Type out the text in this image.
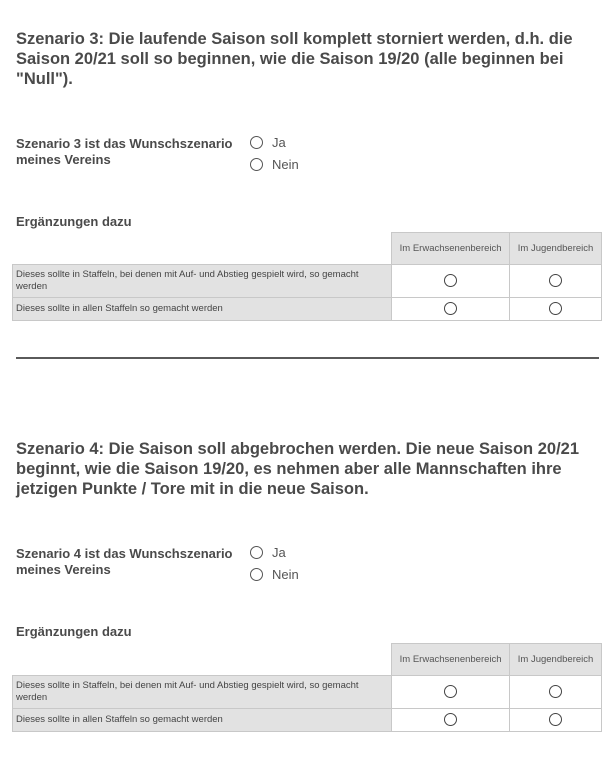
Szenario 3: Die laufende Saison soll komplett storniert werden, d.h. die Saison 20/21 soll so beginnen, wie die Saison 19/20 (alle beginnen bei "Null").
Szenario 3 ist das Wunschszenario meines Vereins
Ja
Nein
Ergänzungen dazu
	Im Erwachsenenbereich	Im Jugendbereich
Dieses sollte in Staffeln, bei denen mit Auf- und Abstieg gespielt wird, so gemacht werden		
Dieses sollte in allen Staffeln so gemacht werden		
Szenario 4: Die Saison soll abgebrochen werden. Die neue Saison 20/21 beginnt, wie die Saison 19/20, es nehmen aber alle Mannschaften ihre jetzigen Punkte / Tore mit in die neue Saison.
Szenario 4 ist das Wunschszenario meines Vereins
Ja
Nein
Ergänzungen dazu
	Im Erwachsenenbereich	Im Jugendbereich
Dieses sollte in Staffeln, bei denen mit Auf- und Abstieg gespielt wird, so gemacht werden		
Dieses sollte in allen Staffeln so gemacht werden		
